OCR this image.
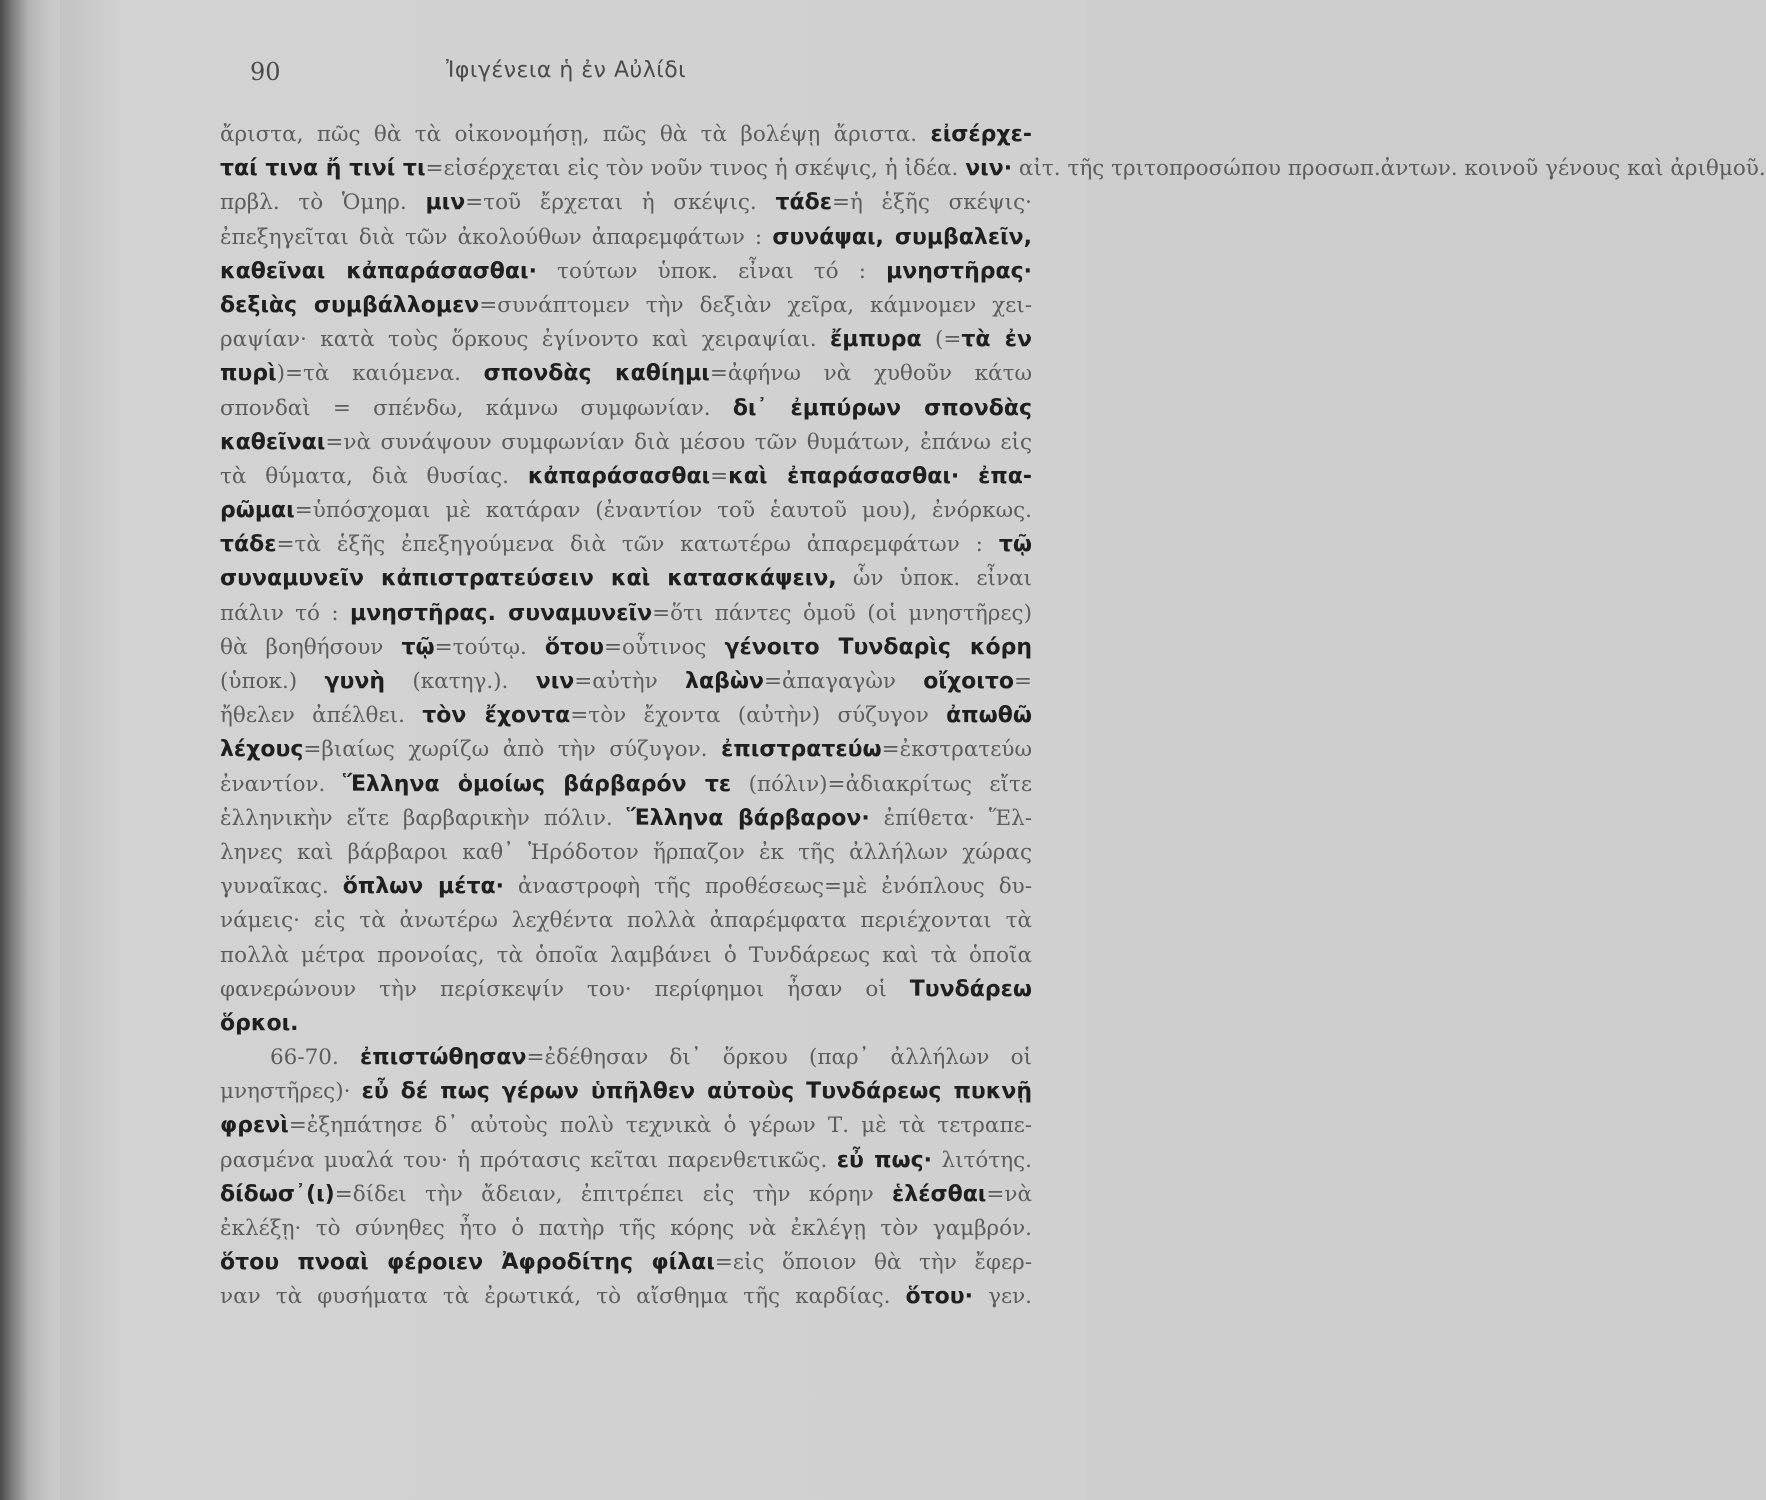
90	Ἰφιγένεια ἡ ἐν Αὐλίδι
ἄριστα, πῶς θὰ τὰ οἰκονομήσῃ, πῶς θὰ τὰ βολέψῃ ἄριστα. εἰσέρχε-
ταί τινα ἤ τινί τι=εἰσέρχεται εἰς τὸν νοῦν τινος ἡ σκέψις, ἡ ἰδέα. νιν· αἰτ. τῆς τριτοπροσώπου προσωπ.ἀντων. κοινοῦ γένους καὶ ἀριθμοῦ.
πρβλ. τὸ Ὁμηρ. μιν=τοῦ ἔρχεται ἡ σκέψις. τάδε=ἡ ἑξῆς σκέψις·
ἐπεξηγεῖται διὰ τῶν ἀκολούθων ἀπαρεμφάτων : συνάψαι, συμβαλεῖν,
καθεῖναι κἀπαράσασθαι· τούτων ὑποκ. εἶναι τό : μνηστῆρας·
δεξιὰς συμβάλλομεν=συνάπτομεν τὴν δεξιὰν χεῖρα, κάμνομεν χει-
ραψίαν· κατὰ τοὺς ὅρκους ἐγίνοντο καὶ χειραψίαι. ἔμπυρα (=τὰ ἐν
πυρὶ)=τὰ καιόμενα. σπονδὰς καθίημι=ἀφήνω νὰ χυθοῦν κάτω
σπονδαὶ = σπένδω, κάμνω συμφωνίαν. δι᾽ ἐμπύρων σπονδὰς
καθεῖναι=νὰ συνάψουν συμφωνίαν διὰ μέσου τῶν θυμάτων, ἐπάνω εἰς
τὰ θύματα, διὰ θυσίας. κἀπαράσασθαι=καὶ ἐπαράσασθαι· ἐπα-
ρῶμαι=ὑπόσχομαι μὲ κατάραν (ἐναντίον τοῦ ἑαυτοῦ μου), ἐνόρκως.
τάδε=τὰ ἑξῆς ἐπεξηγούμενα διὰ τῶν κατωτέρω ἀπαρεμφάτων : τῷ
συναμυνεῖν κἀπιστρατεύσειν καὶ κατασκάψειν, ὧν ὑποκ. εἶναι
πάλιν τό : μνηστῆρας. συναμυνεῖν=ὅτι πάντες ὁμοῦ (οἱ μνηστῆρες)
θὰ βοηθήσουν τῷ=τούτῳ. ὅτου=οὗτινος γένοιτο Τυνδαρὶς κόρη
(ὑποκ.) γυνὴ (κατηγ.). νιν=αὐτὴν λαβὼν=ἀπαγαγὼν οἴχοιτο=
ἤθελεν ἀπέλθει. τὸν ἔχοντα=τὸν ἔχοντα (αὐτὴν) σύζυγον ἀπωθῶ
λέχους=βιαίως χωρίζω ἀπὸ τὴν σύζυγον. ἐπιστρατεύω=ἐκστρατεύω
ἐναντίον. Ἕλληνα ὁμοίως βάρβαρόν τε (πόλιν)=ἀδιακρίτως εἴτε
ἑλληνικὴν εἴτε βαρβαρικὴν πόλιν. Ἕλληνα βάρβαρον· ἐπίθετα· Ἕλ-
ληνες καὶ βάρβαροι καθ᾽ Ἡρόδοτον ἥρπαζον ἐκ τῆς ἀλλήλων χώρας
γυναῖκας. ὅπλων μέτα· ἀναστροφὴ τῆς προθέσεως=μὲ ἐνόπλους δυ-
νάμεις· εἰς τὰ ἀνωτέρω λεχθέντα πολλὰ ἀπαρέμφατα περιέχονται τὰ
πολλὰ μέτρα προνοίας, τὰ ὁποῖα λαμβάνει ὁ Τυνδάρεως καὶ τὰ ὁποῖα
φανερώνουν τὴν περίσκεψίν του· περίφημοι ἦσαν οἱ Τυνδάρεω
ὅρκοι.
66-70. ἐπιστώθησαν=ἐδέθησαν δι᾽ ὅρκου (παρ᾽ ἀλλήλων οἱ
μνηστῆρες)· εὖ δέ πως γέρων ὑπῆλθεν αὐτοὺς Τυνδάρεως πυκνῇ
φρενὶ=ἐξηπάτησε δ᾽ αὐτοὺς πολὺ τεχνικὰ ὁ γέρων Τ. μὲ τὰ τετραπε-
ρασμένα μυαλά του· ἡ πρότασις κεῖται παρενθετικῶς. εὖ πως· λιτότης.
δίδωσ᾽(ι)=δίδει τὴν ἄδειαν, ἐπιτρέπει εἰς τὴν κόρην ἑλέσθαι=νὰ
ἐκλέξῃ· τὸ σύνηθες ἦτο ὁ πατὴρ τῆς κόρης νὰ ἐκλέγῃ τὸν γαμβρόν.
ὅτου πνοαὶ φέροιεν Ἀφροδίτης φίλαι=εἰς ὅποιον θὰ τὴν ἔφερ-
ναν τὰ φυσήματα τὰ ἐρωτικά, τὸ αἴσθημα τῆς καρδίας. ὅτου· γεν.
